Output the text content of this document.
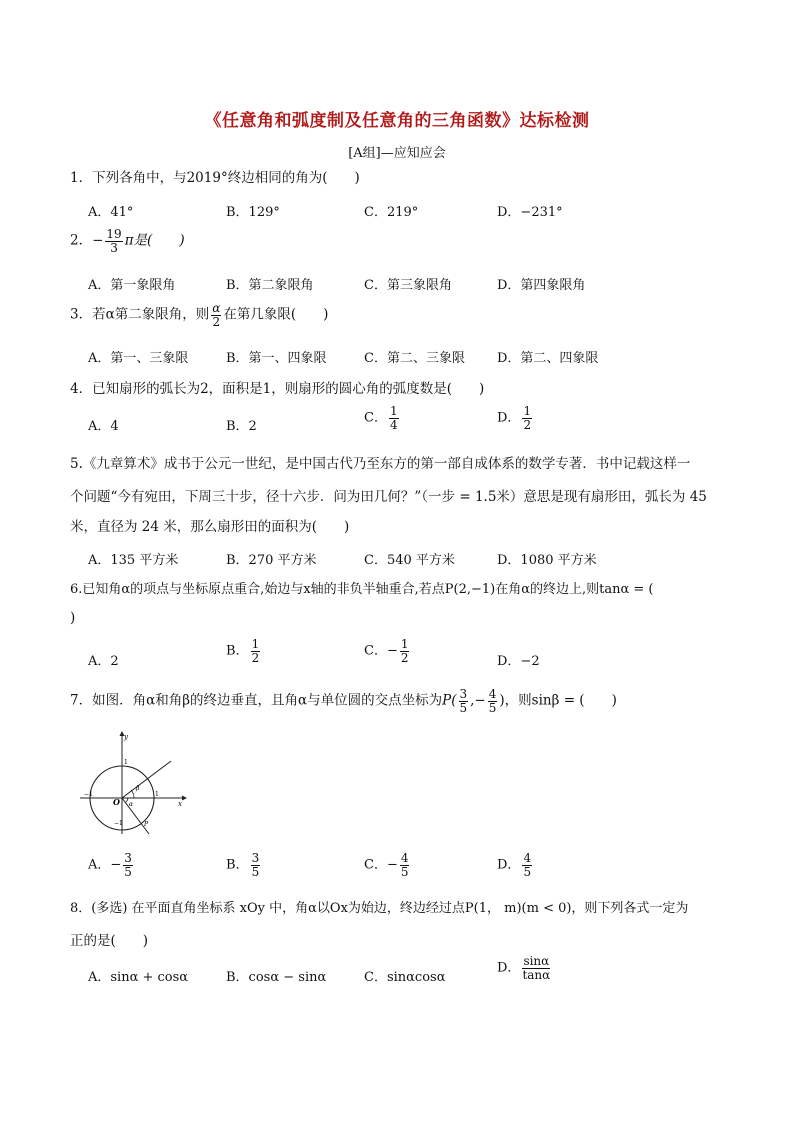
《任意角和弧度制及任意角的三角函数》达标检测
[A组]—应知应会
1．下列各角中，与2019°终边相同的角为(　　)
A．41°	B．129°	C．219°	D．−231°
2．− $\frac{19}{3}$ π是(　　)
A．第一象限角	B．第二象限角	C．第三象限角	D．第四象限角
3．若α第二象限角，则 $\frac{\alpha}{2}$ 在第几象限(　　)
A．第一、三象限	B．第一、四象限	C．第二、三象限 D．第二、四象限
4．已知扇形的弧长为2，面积是1，则扇形的圆心角的弧度数是(　　)
A．4	B．2
C． $\frac{1}{4}$	D． $\frac{1}{2}$
5.《九章算术》成书于公元一世纪，是中国古代乃至东方的第一部自成体系的数学专著．书中记载这样一
个问题“今有宛田，下周三十步，径十六步．问为田几何？”（一步 = 1.5米）意思是现有扇形田，弧长为 45
米，直径为 24 米，那么扇形田的面积为(　　)
A．135 平方米	B．270 平方米	C．540 平方米	D．1080 平方米
6.已知角α的项点与坐标原点重合,始边与x轴的非负半轴重合,若点P(2,−1)在角α的终边上,则tanα = (
)
A．2
B． $\frac{1}{2}$	C．− $\frac{1}{2}$	D．−2
7．如图．角α和角β的终边垂直，且角α与单位圆的交点坐标为$P( \frac{3}{5}$ ,− $\frac{4}{5}$ )，则sinβ = (　　)
y
x
O
1
−1	1
−1
β
α
P
A．− $\frac{3}{5}$	B． $\frac{3}{5}$	C．− $\frac{4}{5}$	D． $\frac{4}{5}$
8．(多选) 在平面直角坐标系 xOy 中，角α以Ox为始边，终边经过点P(1， m)(m < 0)，则下列各式一定为
正的是(　　)
A．sinα + cosα	B．cosα − sinα	C．sinαcosα
D． $\frac{\sin\alpha}{\tan\alpha}$
